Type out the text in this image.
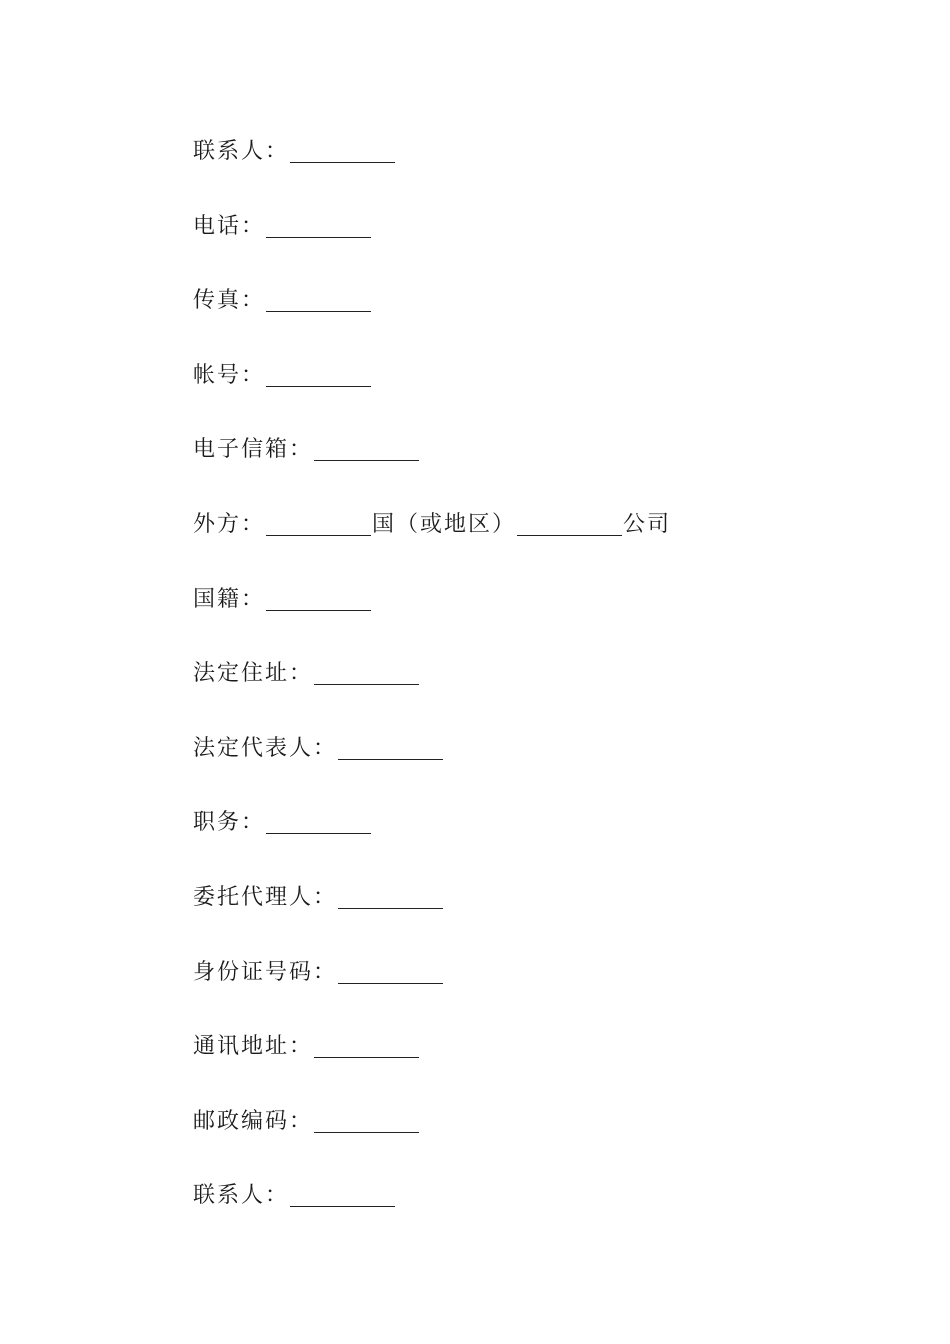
联系人：
电话：
传真：
帐号：
电子信箱：
外方：	国（或地区）	公司
国籍：
法定住址：
法定代表人：
职务：
委托代理人：
身份证号码：
通讯地址：
邮政编码：
联系人：
